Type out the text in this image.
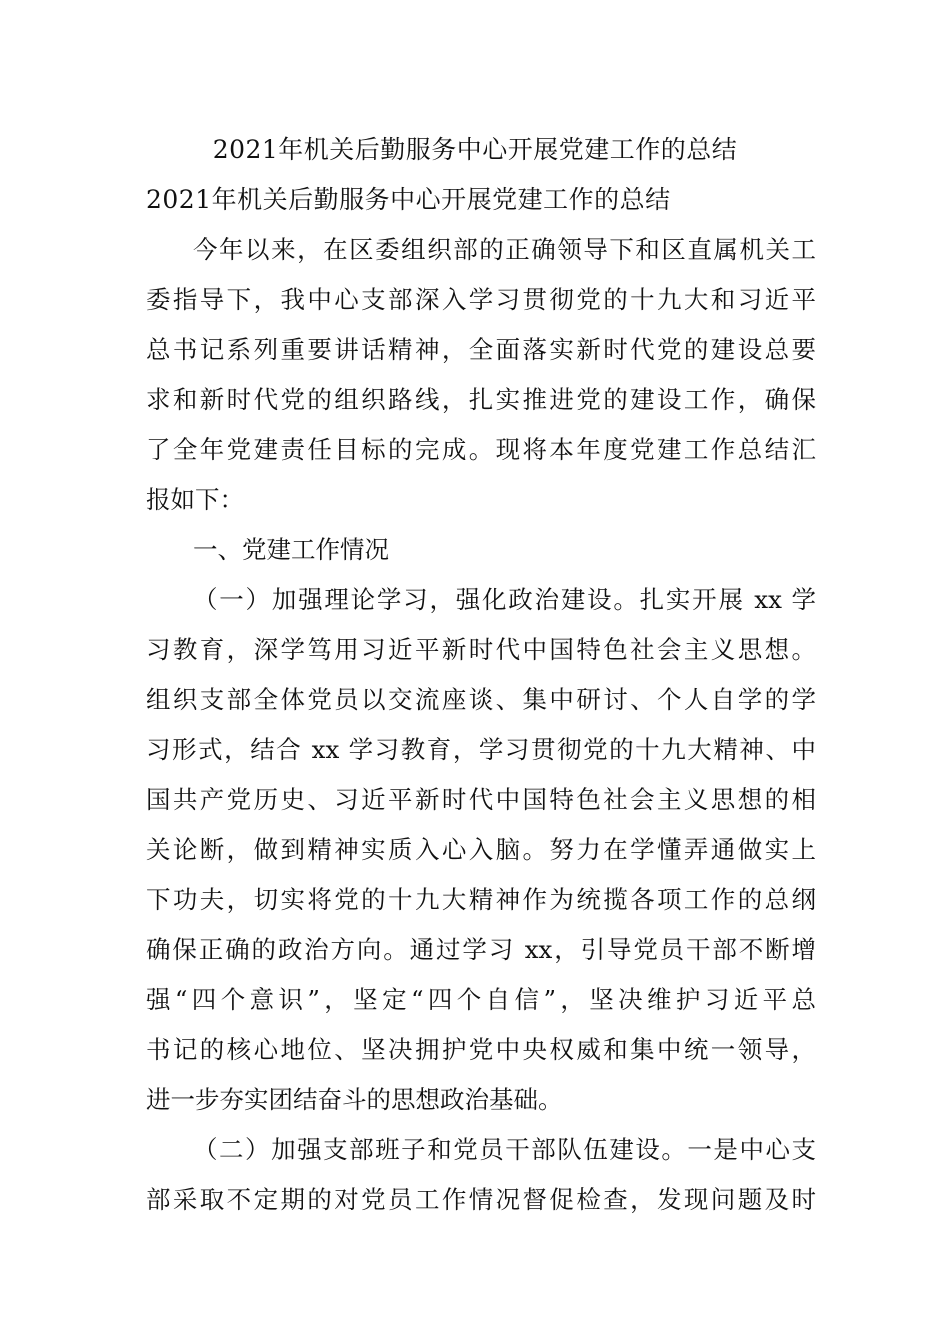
2021年机关后勤服务中心开展党建工作的总结
2021年机关后勤服务中心开展党建工作的总结
今年以来，在区委组织部的正确领导下和区直属机关工
委指导下，我中心支部深入学习贯彻党的十九大和习近平
总书记系列重要讲话精神，全面落实新时代党的建设总要
求和新时代党的组织路线，扎实推进党的建设工作，确保
了全年党建责任目标的完成。现将本年度党建工作总结汇
报如下：
一、党建工作情况
（一）加强理论学习，强化政治建设。扎实开展 xx 学
习教育，深学笃用习近平新时代中国特色社会主义思想。
组织支部全体党员以交流座谈、集中研讨、个人自学的学
习形式，结合 xx 学习教育，学习贯彻党的十九大精神、中
国共产党历史、习近平新时代中国特色社会主义思想的相
关论断，做到精神实质入心入脑。努力在学懂弄通做实上
下功夫，切实将党的十九大精神作为统揽各项工作的总纲
确保正确的政治方向。通过学习 xx，引导党员干部不断增
强“四个意识”，坚定“四个自信”，坚决维护习近平总
书记的核心地位、坚决拥护党中央权威和集中统一领导，
进一步夯实团结奋斗的思想政治基础。
（二）加强支部班子和党员干部队伍建设。一是中心支
部采取不定期的对党员工作情况督促检查，发现问题及时
